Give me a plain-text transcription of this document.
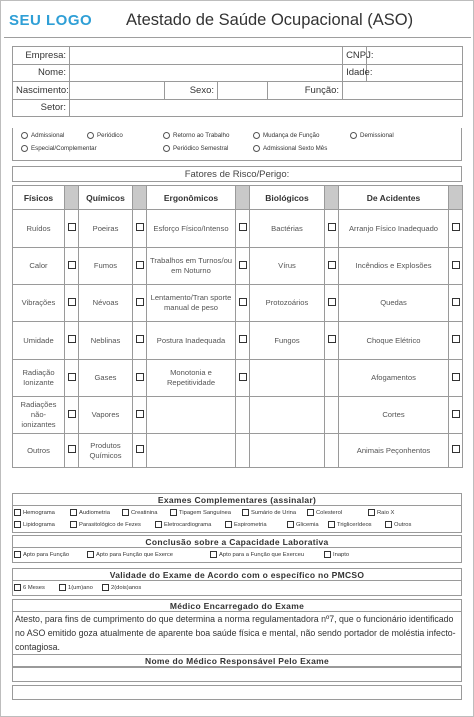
SEU LOGO Atestado de Saúde Ocupacional (ASO)
Empresa:					CNPJ:	
Nome:					Idade:	
Nascimento:		Sexo:		Função:		
Setor:						
Admissional	Periódico	Retorno ao Trabalho	Mudança de Função	Demissional
Especial/Complementar	Periódico Semestral	Admissional Sexto Mês
Fatores de Risco/Perigo:
Físicos		Químicos		Ergonômicos		Biológicos		De Acidentes	
Ruídos		Poeiras		Esforço Físico/Intenso		Bactérias		Arranjo Físico Inadequado	
Calor		Fumos		Trabalhos em Turnos/ou em Noturno		Vírus		Incêndios e Explosões	
Vibrações		Névoas		Lentamento/Tran sporte manual de peso		Protozoários		Quedas	
Umidade		Neblinas		Postura Inadequada		Fungos		Choque Elétrico	
Radiação Ionizante		Gases		Monotonia e Repetitividade				Afogamentos	
Radiações não-ionizantes		Vapores						Cortes	
Outros		Produtos Químicos						Animais Peçonhentos	
Exames Complementares (assinalar)
Hemograma	Audiometria	Creatinina	Tipagem Sanguínea	Sumário de Urina	Colesterol	Raio X
Lipidograma	Parasitológico de Fezes	Eletrocardiograma	Espirometria	Glicemia	Triglicerídeos	Outros
Conclusão sobre a Capacidade Laborativa
Apto para Função	Apto para Função que Exerce	Apto para a Função que Exerceu	Inapto
Validade do Exame de Acordo com o específico no PMCSO
6 Meses	1(um)ano	2(dois)anos
Médico Encarregado do Exame
Atesto, para fins de cumprimento do que determina a norma regulamentadora nº7, que o funcionário identificado no ASO emitido goza atualmente de aparente boa saúde física e mental, não sendo portador de moléstia infecto-contagiosa.
Nome do Médico Responsável Pelo Exame
